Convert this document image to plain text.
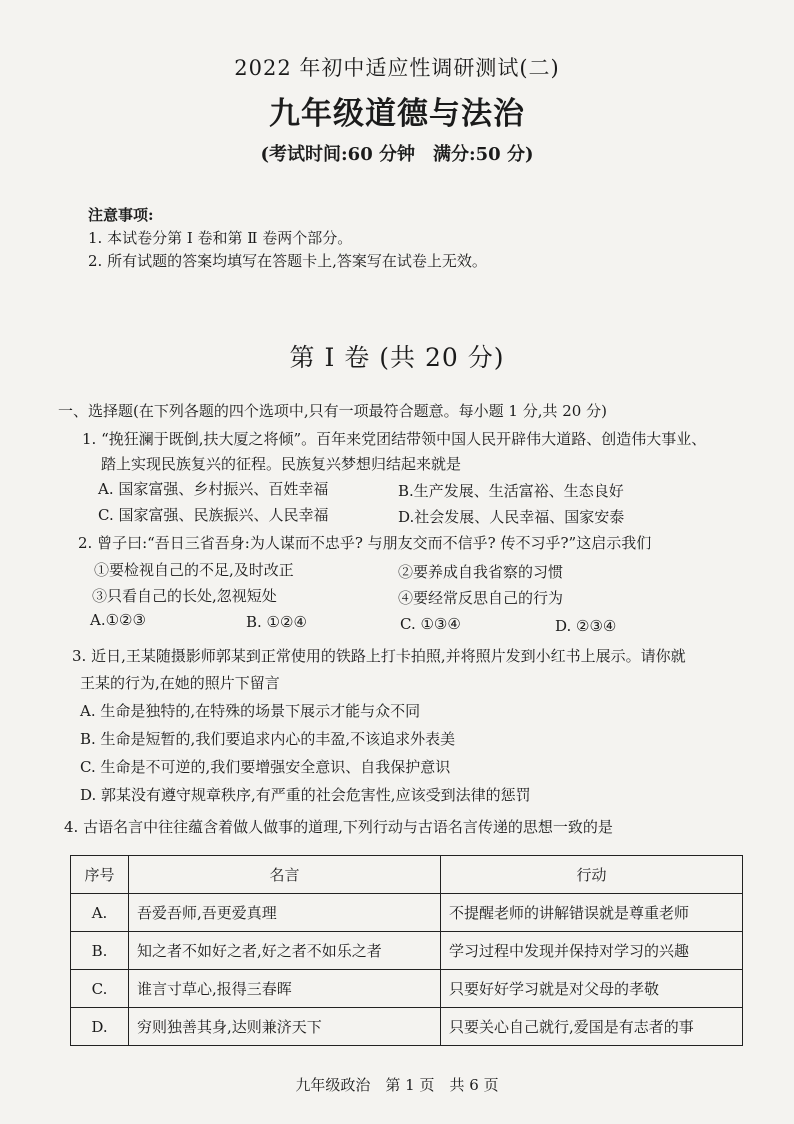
2022 年初中适应性调研测试(二)
九年级道德与法治
(考试时间:60 分钟　满分:50 分)
注意事项:
1. 本试卷分第 Ⅰ 卷和第 Ⅱ 卷两个部分。
2. 所有试题的答案均填写在答题卡上,答案写在试卷上无效。
第 Ⅰ 卷 (共 20 分)
一、选择题(在下列各题的四个选项中,只有一项最符合题意。每小题 1 分,共 20 分)
1. “挽狂澜于既倒,扶大厦之将倾”。百年来党团结带领中国人民开辟伟大道路、创造伟大事业、
踏上实现民族复兴的征程。民族复兴梦想归结起来就是
A. 国家富强、乡村振兴、百姓幸福	B.生产发展、生活富裕、生态良好
C. 国家富强、民族振兴、人民幸福	D.社会发展、人民幸福、国家安泰
2. 曾子曰:“吾日三省吾身:为人谋而不忠乎? 与朋友交而不信乎? 传不习乎?”这启示我们
①要检视自己的不足,及时改正	②要养成自我省察的习惯
③只看自己的长处,忽视短处	④要经常反思自己的行为
A.①②③	B. ①②④	C. ①③④	D. ②③④
3. 近日,王某随摄影师郭某到正常使用的铁路上打卡拍照,并将照片发到小红书上展示。请你就
王某的行为,在她的照片下留言
A. 生命是独特的,在特殊的场景下展示才能与众不同
B. 生命是短暂的,我们要追求内心的丰盈,不该追求外表美
C. 生命是不可逆的,我们要增强安全意识、自我保护意识
D. 郭某没有遵守规章秩序,有严重的社会危害性,应该受到法律的惩罚
4. 古语名言中往往蕴含着做人做事的道理,下列行动与古语名言传递的思想一致的是
序号	名言	行动
A.	吾爱吾师,吾更爱真理	不提醒老师的讲解错误就是尊重老师
B.	知之者不如好之者,好之者不如乐之者	学习过程中发现并保持对学习的兴趣
C.	谁言寸草心,报得三春晖	只要好好学习就是对父母的孝敬
D.	穷则独善其身,达则兼济天下	只要关心自己就行,爱国是有志者的事
九年级政治　第 1 页　共 6 页
